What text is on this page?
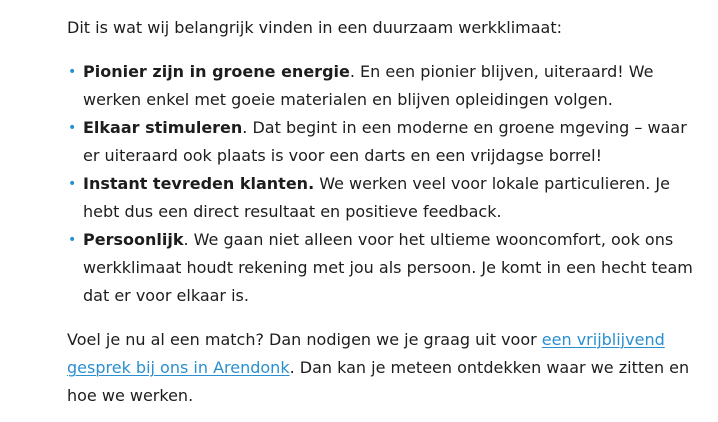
Dit is wat wij belangrijk vinden in een duurzaam werkklimaat:

• Pionier zijn in groene energie. En een pionier blijven, uiteraard! We werken enkel met goeie materialen en blijven opleidingen volgen.
• Elkaar stimuleren. Dat begint in een moderne en groene mgeving – waar er uiteraard ook plaats is voor een darts en een vrijdagse borrel!
• Instant tevreden klanten. We werken veel voor lokale particulieren. Je hebt dus een direct resultaat en positieve feedback.
• Persoonlijk. We gaan niet alleen voor het ultieme wooncomfort, ook ons werkklimaat houdt rekening met jou als persoon. Je komt in een hecht team dat er voor elkaar is.

Voel je nu al een match? Dan nodigen we je graag uit voor een vrijblijvend gesprek bij ons in Arendonk. Dan kan je meteen ontdekken waar we zitten en hoe we werken.
